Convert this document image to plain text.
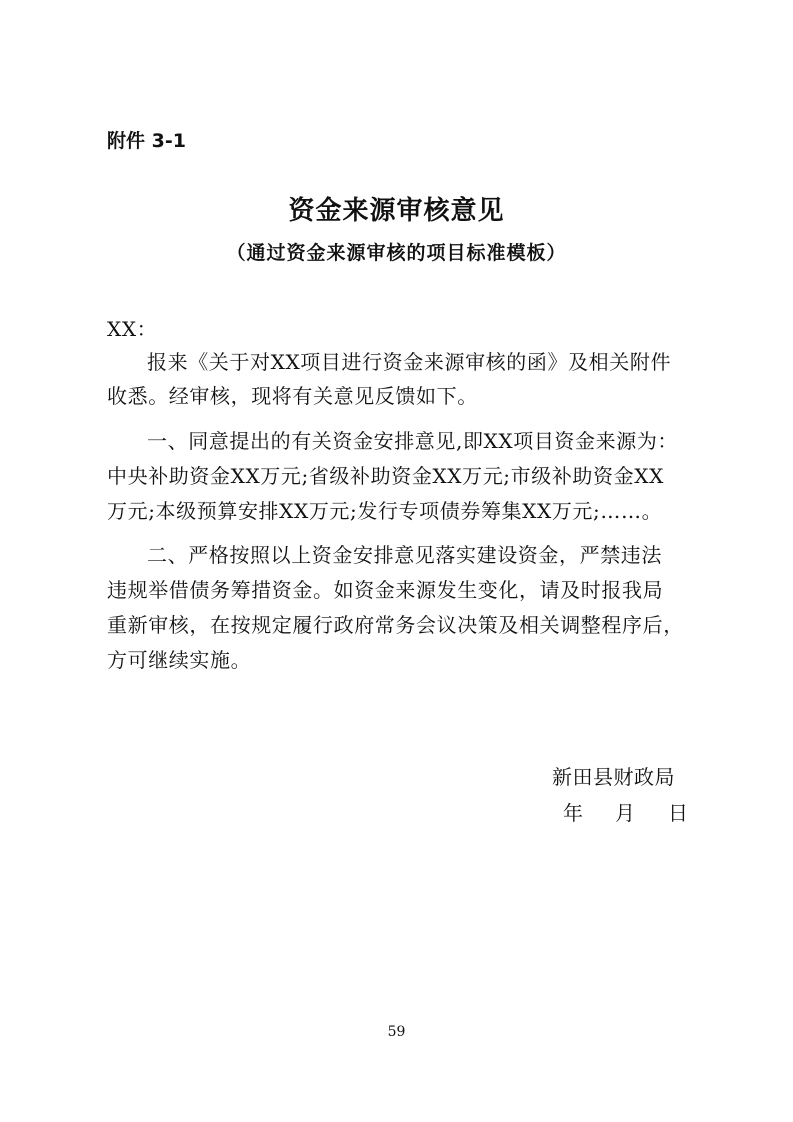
附件 3-1
资金来源审核意见
（通过资金来源审核的项目标准模板）
XX：
报来《关于对XX项目进行资金来源审核的函》及相关附件
收悉。经审核，现将有关意见反馈如下。
一、同意提出的有关资金安排意见,即XX项目资金来源为：
中央补助资金XX万元;省级补助资金XX万元;市级补助资金XX
万元;本级预算安排XX万元;发行专项债券筹集XX万元;……。
二、严格按照以上资金安排意见落实建设资金，严禁违法
违规举借债务筹措资金。如资金来源发生变化，请及时报我局
重新审核，在按规定履行政府常务会议决策及相关调整程序后，
方可继续实施。
新田县财政局
年 月 日
59
